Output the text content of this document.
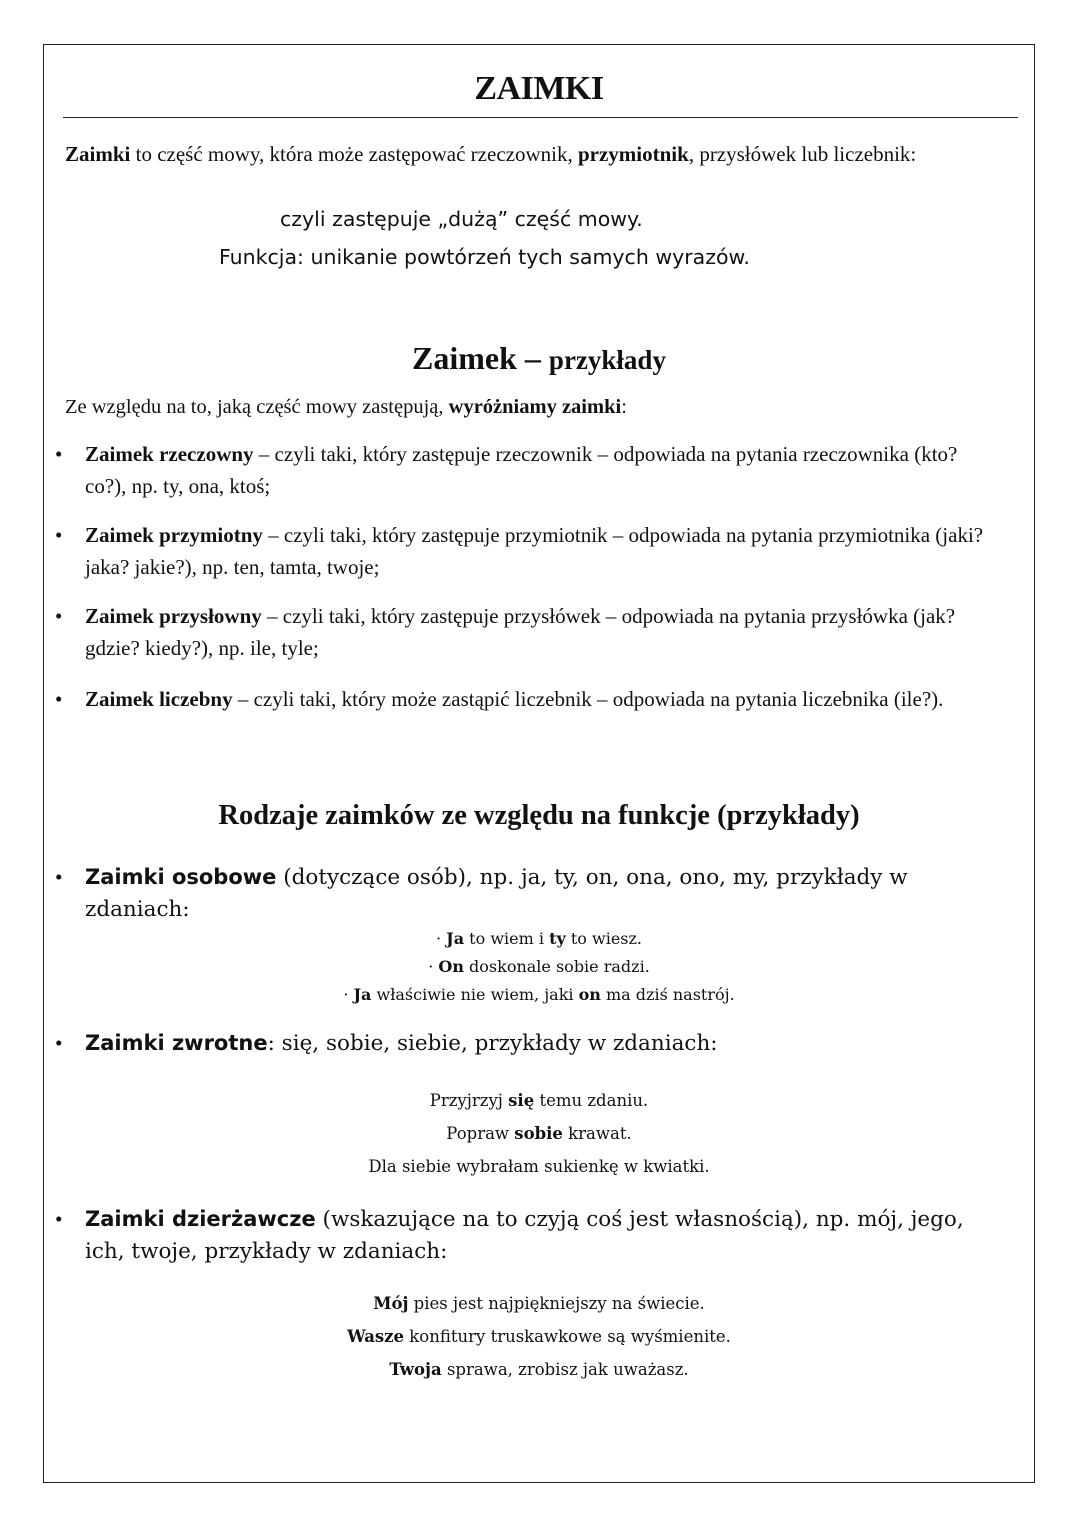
ZAIMKI
Zaimki to część mowy, która może zastępować rzeczownik, przymiotnik, przysłówek lub liczebnik:
czyli zastępuje „dużą” część mowy.
Funkcja: unikanie powtórzeń tych samych wyrazów.
Zaimek – przykłady
Ze względu na to, jaką część mowy zastępują, wyróżniamy zaimki:
• Zaimek rzeczowny – czyli taki, który zastępuje rzeczownik – odpowiada na pytania rzeczownika (kto? co?), np. ty, ona, ktoś;
• Zaimek przymiotny – czyli taki, który zastępuje przymiotnik – odpowiada na pytania przymiotnika (jaki? jaka? jakie?), np. ten, tamta, twoje;
• Zaimek przysłowny – czyli taki, który zastępuje przysłówek – odpowiada na pytania przysłówka (jak? gdzie? kiedy?), np. ile, tyle;
• Zaimek liczebny – czyli taki, który może zastąpić liczebnik – odpowiada na pytania liczebnika (ile?).
Rodzaje zaimków ze względu na funkcje (przykłady)
• Zaimki osobowe (dotyczące osób), np. ja, ty, on, ona, ono, my, przykłady w zdaniach:
· Ja to wiem i ty to wiesz.
· On doskonale sobie radzi.
· Ja właściwie nie wiem, jaki on ma dziś nastrój.
• Zaimki zwrotne: się, sobie, siebie, przykłady w zdaniach:
Przyjrzyj się temu zdaniu.
Popraw sobie krawat.
Dla siebie wybrałam sukienkę w kwiatki.
• Zaimki dzierżawcze (wskazujące na to czyją coś jest własnością), np. mój, jego, ich, twoje, przykłady w zdaniach:
Mój pies jest najpiękniejszy na świecie.
Wasze konfitury truskawkowe są wyśmienite.
Twoja sprawa, zrobisz jak uważasz.
